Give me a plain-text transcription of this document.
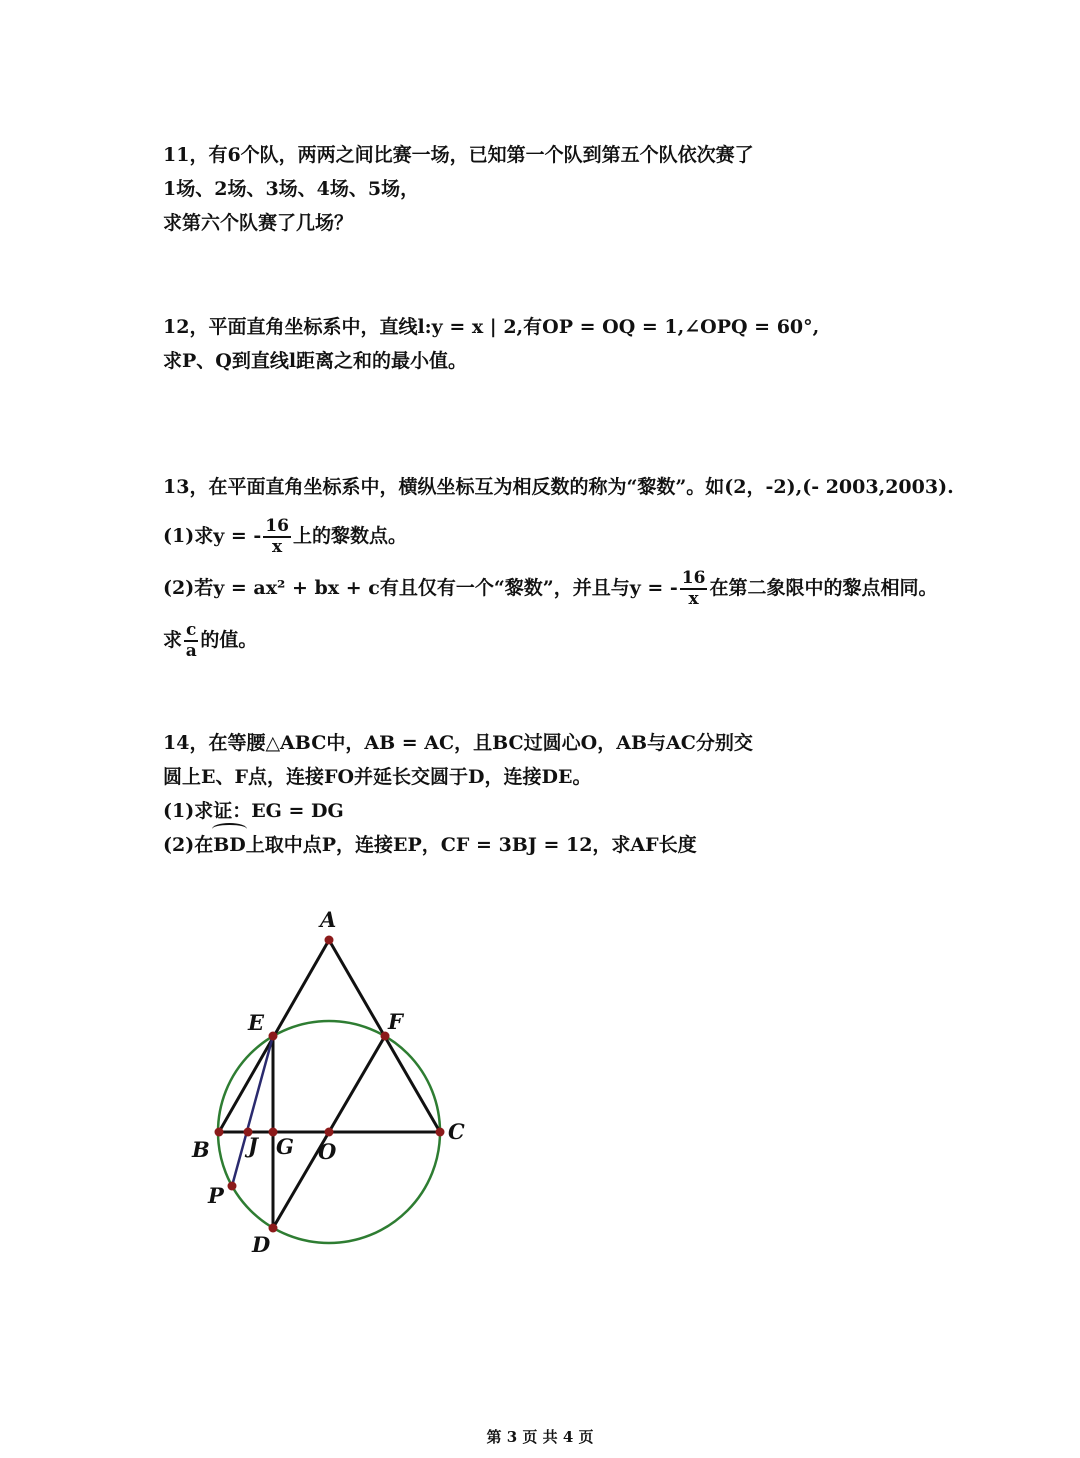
11，有6个队，两两之间比赛一场，已知第一个队到第五个队依次赛了
1场、2场、3场、4场、5场，
求第六个队赛了几场？
12，平面直角坐标系中，直线l:y = x | 2,有OP = OQ = 1,∠OPQ = 60°,
求P、Q到直线l距离之和的最小值。
13，在平面直角坐标系中，横纵坐标互为相反数的称为“黎数”。如(2，-2),(- 2003,2003).
(1)求y = - $\frac{16}{x}$ 上的黎数点。
(2)若y = ax² + bx + c有且仅有一个“黎数”，并且与y = - $\frac{16}{x}$ 在第二象限中的黎点相同。
求 $\frac{c}{a}$ 的值。
14，在等腰△ABC中，AB = AC，且BC过圆心O，AB与AC分别交
圆上E、F点，连接FO并延长交圆于D，连接DE。
(1)求证：EG = DG
(2)在BD上取中点P，连接EP，CF = 3BJ = 12，求AF长度
A
E	F
B J G O
C
P
D
第 3 页 共 4 页
